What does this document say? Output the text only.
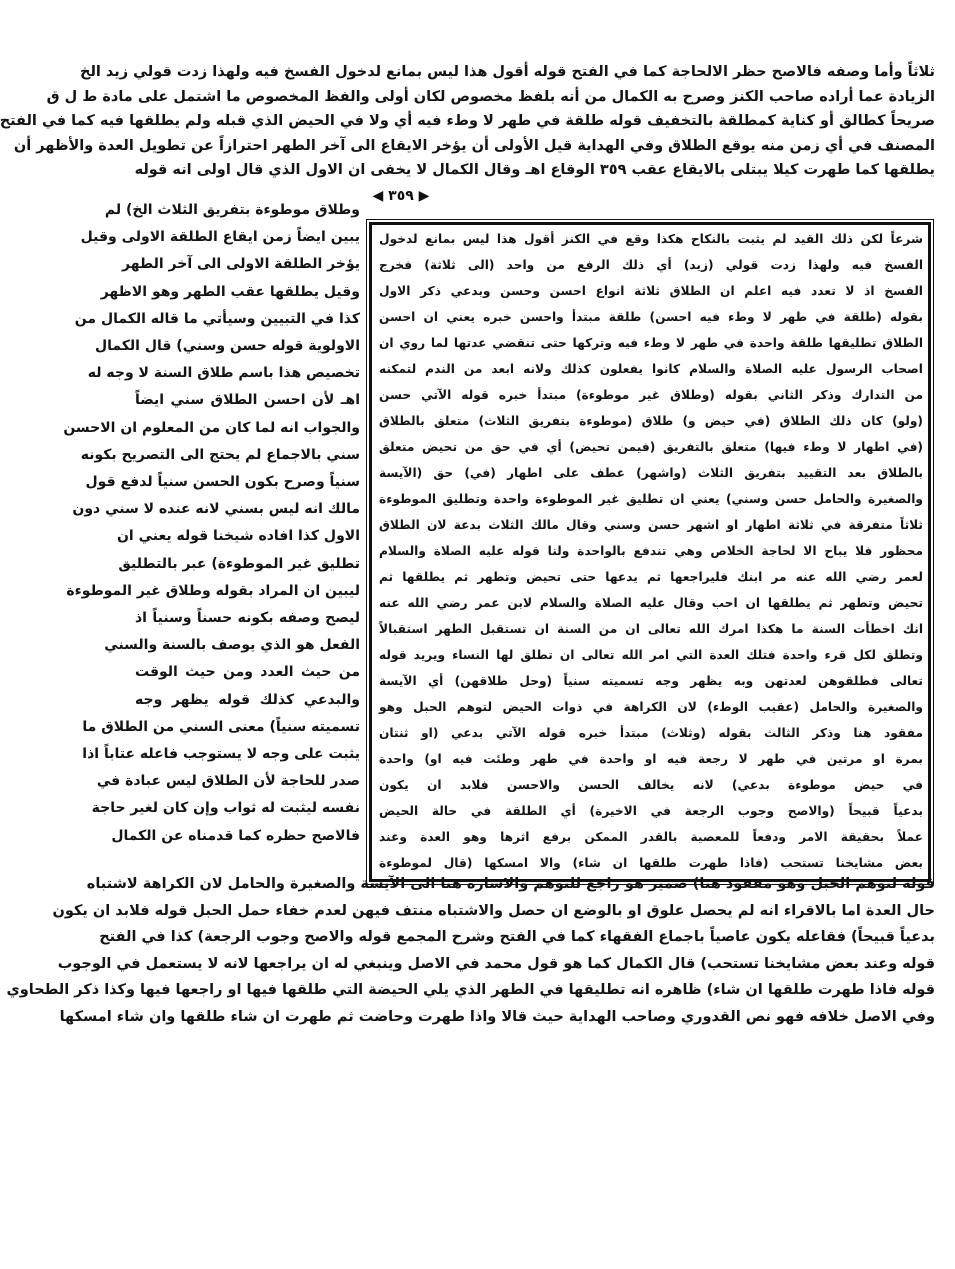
ثلاثاً وأما وصفه فالاصح حظر الالحاجة كما في الفتح قوله أقول هذا ليس بمانع لدخول الفسخ فيه ولهذا زدت قولي زيد الخ
الزيادة عما أراده صاحب الكنز وصرح به الكمال من أنه بلفظ مخصوص لكان أولى والفظ المخصوص ما اشتمل على مادة ط ل ق
صريحاً كطالق أو كناية كمطلقة بالتخفيف قوله طلقة في طهر لا وطء فيه أي ولا في الحيض الذي قبله ولم يطلقها فيه كما في الفتح
المصنف في أي زمن منه يوقع الطلاق وفي الهداية قيل الأولى أن يؤخر الايقاع الى آخر الطهر احترازاً عن تطويل العدة والأظهر أن
يطلقها كما طهرت كيلا يبتلى بالايقاع عقب ٣٥٩ الوقاع اهـ وقال الكمال لا يخفى ان الاول الذي قال اولى انه قوله
◀ ٣٥٩ ▶
شرعاً لكن ذلك القيد لم يثبت بالنكاح هكذا وقع في الكنز أقول هذا ليس بمانع لدخول
الفسخ فيه ولهذا زدت قولي (زيد) أي ذلك الرفع من واحد (الى ثلاثة) فخرج
الفسخ اذ لا تعدد فيه اعلم ان الطلاق ثلاثة انواع احسن وحسن وبدعي ذكر الاول
بقوله (طلقة في طهر لا وطء فيه احسن) طلقة مبتدأ واحسن خبره يعني ان احسن
الطلاق تطليقها طلقة واحدة في طهر لا وطء فيه وتركها حتى تنقضي عدتها لما روي ان
اصحاب الرسول عليه الصلاة والسلام كانوا يفعلون كذلك ولانه ابعد من الندم لتمكنه
من التدارك وذكر الثاني بقوله (وطلاق غير موطوءة) مبتدأ خبره قوله الآتي حسن
(ولو) كان ذلك الطلاق (في حيض و) طلاق (موطوءة بتفريق الثلاث) متعلق بالطلاق
(في اطهار لا وطء فيها) متعلق بالتفريق (فيمن تحيض) أي في حق من تحيض متعلق
بالطلاق بعد التقييد بتفريق الثلاث (واشهر) عطف على اطهار (في) حق (الآيسة
والصغيرة والحامل حسن وسني) يعني ان تطليق غير الموطوءة واحدة وتطليق الموطوءة
ثلاثاً متفرقة في ثلاثة اطهار او اشهر حسن وسني وقال مالك الثلاث بدعة لان الطلاق
محظور فلا يباح الا لحاجة الخلاص وهي تندفع بالواحدة ولنا قوله عليه الصلاة والسلام
لعمر رضي الله عنه مر ابنك فليراجعها ثم يدعها حتى تحيض وتطهر ثم يطلقها ثم
تحيض وتطهر ثم يطلقها ان احب وقال عليه الصلاة والسلام لابن عمر رضي الله عنه
انك اخطأت السنة ما هكذا امرك الله تعالى ان من السنة ان تستقبل الطهر استقبالاً
وتطلق لكل قرء واحدة فتلك العدة التي امر الله تعالى ان تطلق لها النساء ويريد قوله
تعالى فطلقوهن لعدتهن وبه يظهر وجه تسميته سنياً (وحل طلاقهن) أي الآيسة
والصغيرة والحامل (عقيب الوطء) لان الكراهة في ذوات الحيض لتوهم الحبل وهو
مفقود هنا وذكر الثالث بقوله (وثلاث) مبتدأ خبره قوله الآتي بدعي (او ثنتان
بمرة او مرتين في طهر لا رجعة فيه او واحدة في طهر وطئت فيه او) واحدة
في حيض موطوءة بدعي) لانه يخالف الحسن والاحسن فلابد ان يكون
بدعياً قبيحاً (والاصح وجوب الرجعة في الاخيرة) أي الطلقة في حالة الحيض
عملاً بحقيقة الامر ودفعاً للمعصية بالقدر الممكن برفع اثرها وهو العدة وعند
بعض مشايخنا تستحب (فاذا طهرت طلقها ان شاء) والا امسكها (قال لموطوءة
وطلاق موطوءة بتفريق الثلاث الخ) لم
يبين ايضاً زمن ايقاع الطلقة الاولى وقيل
يؤخر الطلقة الاولى الى آخر الطهر
وقيل يطلقها عقب الطهر وهو الاظهر
كذا في التبيين وسيأتي ما قاله الكمال من
الاولوية قوله حسن وسني) قال الكمال
تخصيص هذا باسم طلاق السنة لا وجه له
اهـ لأن احسن الطلاق سني ايضاً
والجواب انه لما كان من المعلوم ان الاحسن
سني بالاجماع لم يحتج الى التصريح بكونه
سنياً وصرح بكون الحسن سنياً لدفع قول
مالك انه ليس بسني لانه عنده لا سني دون
الاول كذا افاده شيخنا قوله يعني ان
تطليق غير الموطوءة) عبر بالتطليق
ليبين ان المراد بقوله وطلاق غير الموطوءة
ليصح وصفه بكونه حسناً وسنياً اذ
الفعل هو الذي يوصف بالسنة والسني
من حيث العدد ومن حيث الوقت
والبدعي كذلك قوله يظهر وجه
تسميته سنياً) معنى السني من الطلاق ما
يثبت على وجه لا يستوجب فاعله عتاباً اذا
صدر للحاجة لأن الطلاق ليس عبادة في
نفسه ليثبت له ثواب وإن كان لغير حاجة
فالاصح حظره كما قدمناه عن الكمال
قوله لتوهم الحبل وهو مفقود هنا) ضمير هو راجع للتوهم والاشارة هنا الى الآيسة والصغيرة والحامل لان الكراهة لاشتباه
حال العدة اما بالاقراء انه لم يحصل علوق او بالوضع ان حصل والاشتباه منتف فيهن لعدم خفاء حمل الحبل قوله فلابد ان يكون
بدعياً قبيحاً) فقاعله يكون عاصياً باجماع الفقهاء كما في الفتح وشرح المجمع قوله والاصح وجوب الرجعة) كذا في الفتح
قوله وعند بعض مشايخنا تستحب) قال الكمال كما هو قول محمد في الاصل وينبغي له ان يراجعها لانه لا يستعمل في الوجوب
قوله فاذا طهرت طلقها ان شاء) ظاهره انه تطليقها في الطهر الذي يلي الحيضة التي طلقها فيها او راجعها فيها وكذا ذكر الطحاوي
وفي الاصل خلافه فهو نص القدوري وصاحب الهداية حيث قالا واذا طهرت وحاضت ثم طهرت ان شاء طلقها وان شاء امسكها
